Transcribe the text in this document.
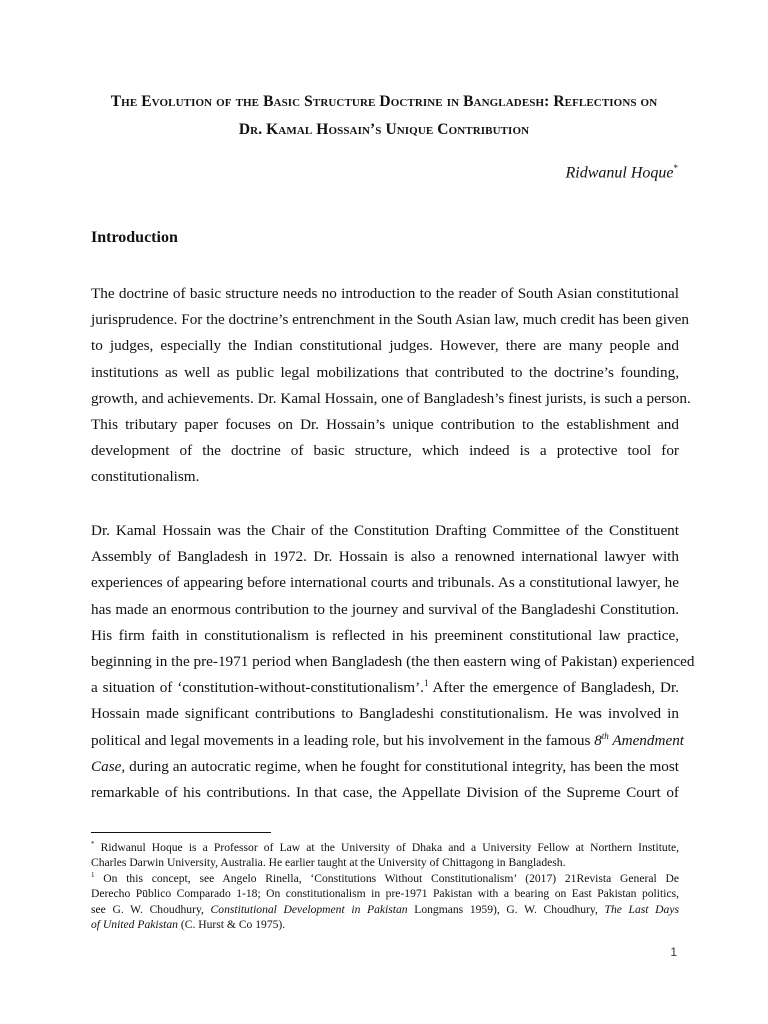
The Evolution of the Basic Structure Doctrine in Bangladesh: Reflections on
Dr. Kamal Hossain’s Unique Contribution

Ridwanul Hoque*

Introduction
The doctrine of basic structure needs no introduction to the reader of South Asian constitutional
jurisprudence. For the doctrine’s entrenchment in the South Asian law, much credit has been given
to judges, especially the Indian constitutional judges. However, there are many people and
institutions as well as public legal mobilizations that contributed to the doctrine’s founding,
growth, and achievements. Dr. Kamal Hossain, one of Bangladesh’s finest jurists, is such a person.
This tributary paper focuses on Dr. Hossain’s unique contribution to the establishment and
development of the doctrine of basic structure, which indeed is a protective tool for
constitutionalism.
Dr. Kamal Hossain was the Chair of the Constitution Drafting Committee of the Constituent
Assembly of Bangladesh in 1972. Dr. Hossain is also a renowned international lawyer with
experiences of appearing before international courts and tribunals. As a constitutional lawyer, he
has made an enormous contribution to the journey and survival of the Bangladeshi Constitution.
His firm faith in constitutionalism is reflected in his preeminent constitutional law practice,
beginning in the pre-1971 period when Bangladesh (the then eastern wing of Pakistan) experienced
a situation of ‘constitution-without-constitutionalism’.$^1$ After the emergence of Bangladesh, Dr.
Hossain made significant contributions to Bangladeshi constitutionalism. He was involved in
political and legal movements in a leading role, but his involvement in the famous 8th Amendment
Case, during an autocratic regime, when he fought for constitutional integrity, has been the most
remarkable of his contributions. In that case, the Appellate Division of the Supreme Court of
* Ridwanul Hoque is a Professor of Law at the University of Dhaka and a University Fellow at Northern Institute,
Charles Darwin University, Australia. He earlier taught at the University of Chittagong in Bangladesh.
$^1$ On this concept, see Angelo Rinella, ‘Constitutions Without Constitutionalism’ (2017) 21Revista General De
Derecho Pūblico Comparado 1-18; On constitutionalism in pre-1971 Pakistan with a bearing on East Pakistan politics,
see G. W. Choudhury, Constitutional Development in Pakistan Longmans 1959), G. W. Choudhury, The Last Days
of United Pakistan (C. Hurst & Co 1975).

1
